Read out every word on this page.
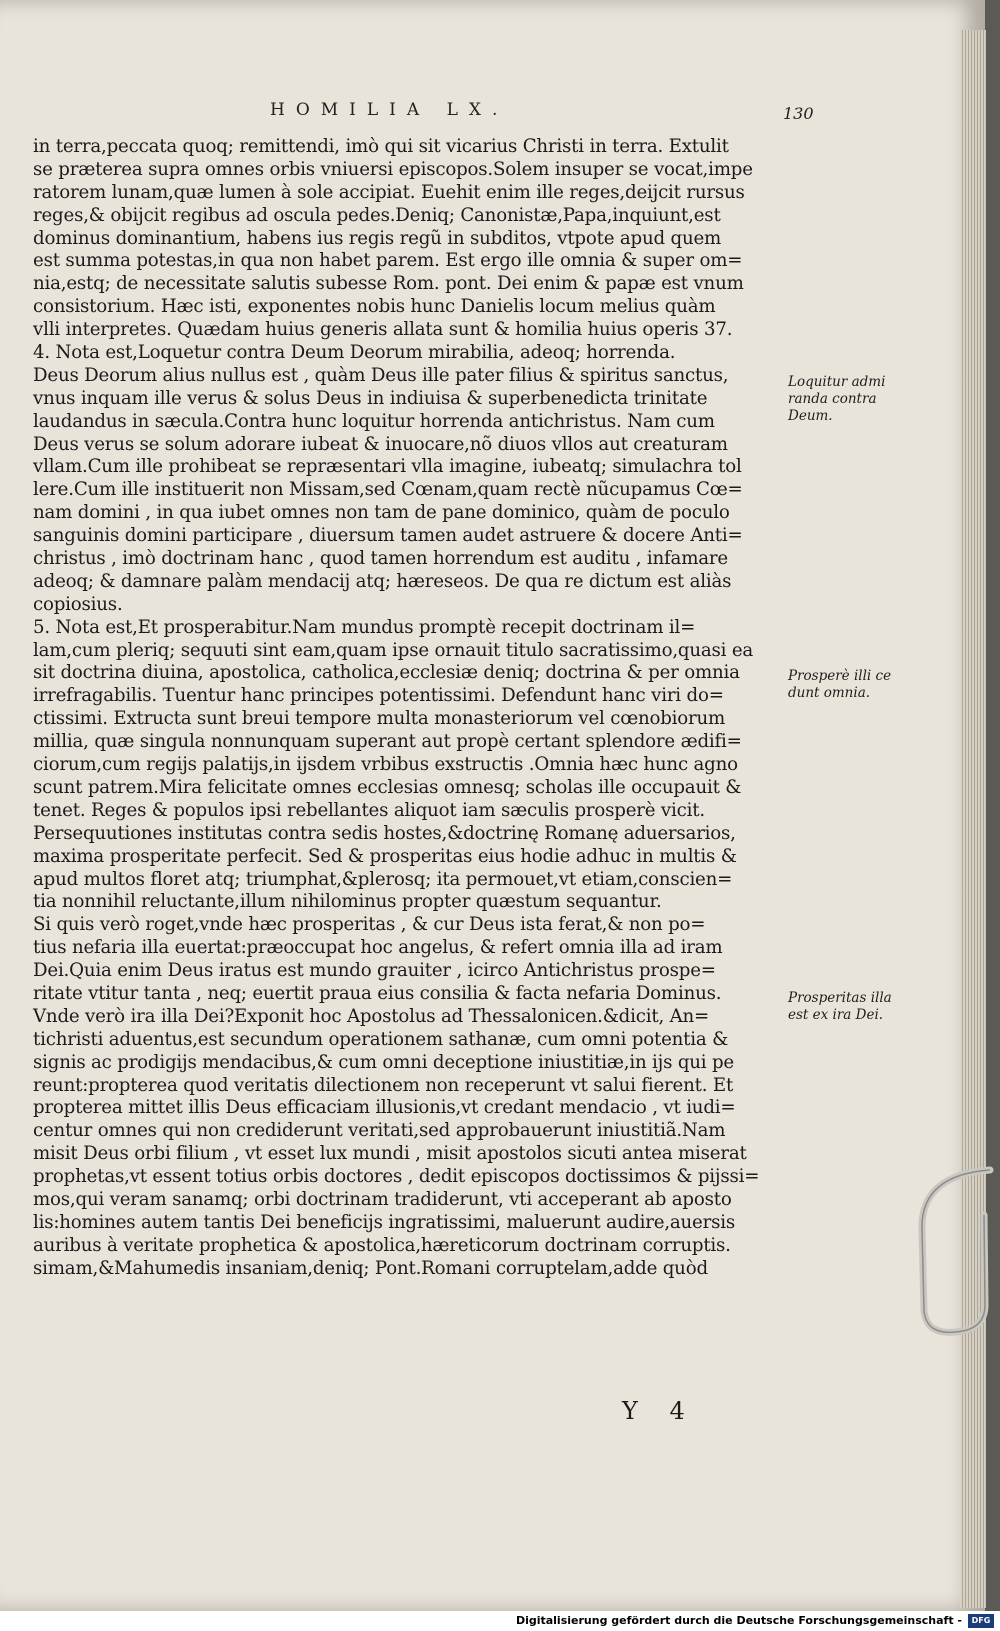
HOMILIA LX.	130
in terra,peccata quoq; remittendi, imò qui sit vicarius Christi in terra. Extulit
se præterea supra omnes orbis vniuersi episcopos.Solem insuper se vocat,impe
ratorem lunam,quæ lumen à sole accipiat. Euehit enim ille reges,deijcit rursus
reges,& obijcit regibus ad oscula pedes.Deniq; Canonistæ,Papa,inquiunt,est
dominus dominantium, habens ius regis regũ in subditos, vtpote apud quem
est summa potestas,in qua non habet parem. Est ergo ille omnia & super om=
nia,estq; de necessitate salutis subesse Rom. pont. Dei enim & papæ est vnum
consistorium. Hæc isti, exponentes nobis hunc Danielis locum melius quàm
vlli interpretes. Quædam huius generis allata sunt & homilia huius operis 37.
4. Nota est,Loquetur contra Deum Deorum mirabilia, adeoq; horrenda.
Deus Deorum alius nullus est , quàm Deus ille pater filius & spiritus sanctus,
vnus inquam ille verus & solus Deus in indiuisa & superbenedicta trinitate
laudandus in sæcula.Contra hunc loquitur horrenda antichristus. Nam cum
Deus verus se solum adorare iubeat & inuocare,nõ diuos vllos aut creaturam
vllam.Cum ille prohibeat se repræsentari vlla imagine, iubeatq; simulachra tol
lere.Cum ille instituerit non Missam,sed Cœnam,quam rectè nũcupamus Cœ=
nam domini , in qua iubet omnes non tam de pane dominico, quàm de poculo
sanguinis domini participare , diuersum tamen audet astruere & docere Anti=
christus , imò doctrinam hanc , quod tamen horrendum est auditu , infamare
adeoq; & damnare palàm mendacij atq; hæreseos. De qua re dictum est aliàs
copiosius.
5. Nota est,Et prosperabitur.Nam mundus promptè recepit doctrinam il=
lam,cum pleriq; sequuti sint eam,quam ipse ornauit titulo sacratissimo,quasi ea
sit doctrina diuina, apostolica, catholica,ecclesiæ deniq; doctrina & per omnia
irrefragabilis. Tuentur hanc principes potentissimi. Defendunt hanc viri do=
ctissimi. Extructa sunt breui tempore multa monasteriorum vel cœnobiorum
millia, quæ singula nonnunquam superant aut propè certant splendore ædifi=
ciorum,cum regijs palatijs,in ijsdem vrbibus exstructis .Omnia hæc hunc agno
scunt patrem.Mira felicitate omnes ecclesias omnesq; scholas ille occupauit &
tenet. Reges & populos ipsi rebellantes aliquot iam sæculis prosperè vicit.
Persequutiones institutas contra sedis hostes,&doctrinę Romanę aduersarios,
maxima prosperitate perfecit. Sed & prosperitas eius hodie adhuc in multis &
apud multos floret atq; triumphat,&plerosq; ita permouet,vt etiam,conscien=
tia nonnihil reluctante,illum nihilominus propter quæstum sequantur.
Si quis verò roget,vnde hæc prosperitas , & cur Deus ista ferat,& non po=
tius nefaria illa euertat:præoccupat hoc angelus, & refert omnia illa ad iram
Dei.Quia enim Deus iratus est mundo grauiter , icirco Antichristus prospe=
ritate vtitur tanta , neq; euertit praua eius consilia & facta nefaria Dominus.
Vnde verò ira illa Dei?Exponit hoc Apostolus ad Thessalonicen.&dicit, An=
tichristi aduentus,est secundum operationem sathanæ, cum omni potentia &
signis ac prodigijs mendacibus,& cum omni deceptione iniustitiæ,in ijs qui pe
reunt:propterea quod veritatis dilectionem non receperunt vt salui fierent. Et
propterea mittet illis Deus efficaciam illusionis,vt credant mendacio , vt iudi=
centur omnes qui non crediderunt veritati,sed approbauerunt iniustitiã.Nam
misit Deus orbi filium , vt esset lux mundi , misit apostolos sicuti antea miserat
prophetas,vt essent totius orbis doctores , dedit episcopos doctissimos & pijssi=
mos,qui veram sanamq; orbi doctrinam tradiderunt, vti acceperant ab aposto
lis:homines autem tantis Dei beneficijs ingratissimi, maluerunt audire,auersis
auribus à veritate prophetica & apostolica,hæreticorum doctrinam corruptis.
simam,&Mahumedis insaniam,deniq; Pont.Romani corruptelam,adde quòd
Loquitur admi
randa contra
Deum.
Prosperè illi ce
dunt omnia.
Prosperitas illa
est ex ira Dei.
Y 4
Digitalisierung gefördert durch die Deutsche Forschungsgemeinschaft -	DFG
